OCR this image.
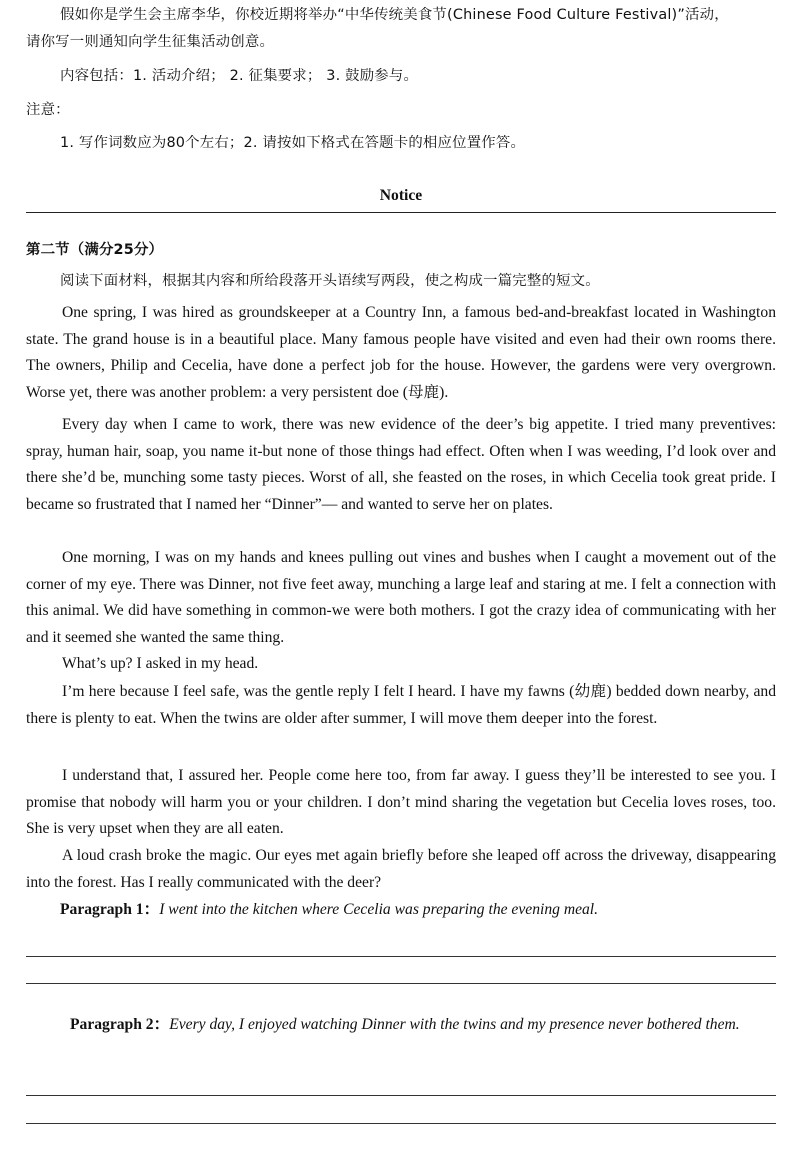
假如你是学生会主席李华，你校近期将举办“中华传统美食节(Chinese Food Culture Festival)”活动，

请你写一则通知向学生征集活动创意。

内容包括：1. 活动介绍； 2. 征集要求； 3. 鼓励参与。

注意：

1. 写作词数应为80个左右；2. 请按如下格式在答题卡的相应位置作答。

Notice

第二节（满分25分）

阅读下面材料，根据其内容和所给段落开头语续写两段，使之构成一篇完整的短文。

One spring, I was hired as groundskeeper at a Country Inn, a famous bed-and-breakfast located in Washington state. The grand house is in a beautiful place. Many famous people have visited and even had their own rooms there. The owners, Philip and Cecelia, have done a perfect job for the house. However, the gardens were very overgrown. Worse yet, there was another problem: a very persistent doe (母鹿).

Every day when I came to work, there was new evidence of the deer’s big appetite. I tried many preventives: spray, human hair, soap, you name it-but none of those things had effect. Often when I was weeding, I’d look over and there she’d be, munching some tasty pieces. Worst of all, she feasted on the roses, in which Cecelia took great pride. I became so frustrated that I named her “Dinner”— and wanted to serve her on plates.

One morning, I was on my hands and knees pulling out vines and bushes when I caught a movement out of the corner of my eye. There was Dinner, not five feet away, munching a large leaf and staring at me. I felt a connection with this animal. We did have something in common-we were both mothers. I got the crazy idea of communicating with her and it seemed she wanted the same thing.

What’s up? I asked in my head.

I’m here because I feel safe, was the gentle reply I felt I heard. I have my fawns (幼鹿) bedded down nearby, and there is plenty to eat. When the twins are older after summer, I will move them deeper into the forest.

I understand that, I assured her. People come here too, from far away. I guess they’ll be interested to see you. I promise that nobody will harm you or your children. I don’t mind sharing the vegetation but Cecelia loves roses, too. She is very upset when they are all eaten.

A loud crash broke the magic. Our eyes met again briefly before she leaped off across the driveway, disappearing into the forest. Has I really communicated with the deer?

Paragraph 1：I went into the kitchen where Cecelia was preparing the evening meal.

Paragraph 2：Every day, I enjoyed watching Dinner with the twins and my presence never bothered them.
